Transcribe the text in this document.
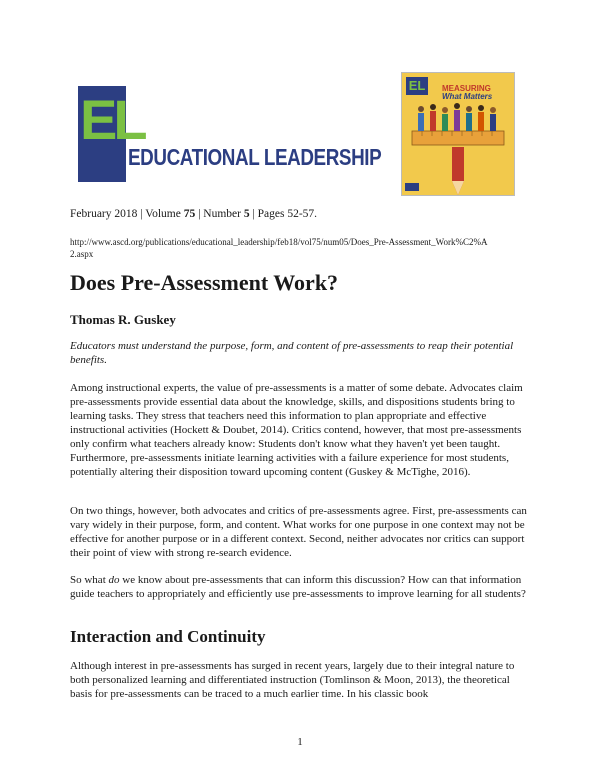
EL
EDUCATIONAL LEADERSHIP
EL	MEASURING
What Matters
February 2018 | Volume 75 | Number 5 | Pages 52-57.
http://www.ascd.org/publications/educational_leadership/feb18/vol75/num05/Does_Pre-Assessment_Work%C2%A2.aspx
Does Pre-Assessment Work?
Thomas R. Guskey
Educators must understand the purpose, form, and content of pre-assessments to reap their potential benefits.
Among instructional experts, the value of pre-assessments is a matter of some debate. Advocates claim pre-assessments provide essential data about the knowledge, skills, and dispositions students bring to learning tasks. They stress that teachers need this information to plan appropriate and effective instructional activities (Hockett & Doubet, 2014). Critics contend, however, that most pre-assessments only confirm what teachers already know: Students don't know what they haven't yet been taught. Furthermore, pre-assessments initiate learning activities with a failure experience for most students, potentially altering their disposition toward upcoming content (Guskey & McTighe, 2016).
On two things, however, both advocates and critics of pre-assessments agree. First, pre-assessments can vary widely in their purpose, form, and content. What works for one purpose in one context may not be effective for another purpose or in a different context. Second, neither advocates nor critics can support their point of view with strong re-search evidence.
So what do we know about pre-assessments that can inform this discussion? How can that information guide teachers to appropriately and efficiently use pre-assessments to improve learning for all students?
Interaction and Continuity
Although interest in pre-assessments has surged in recent years, largely due to their integral nature to both personalized learning and differentiated instruction (Tomlinson & Moon, 2013), the theoretical basis for pre-assessments can be traced to a much earlier time. In his classic book
1
